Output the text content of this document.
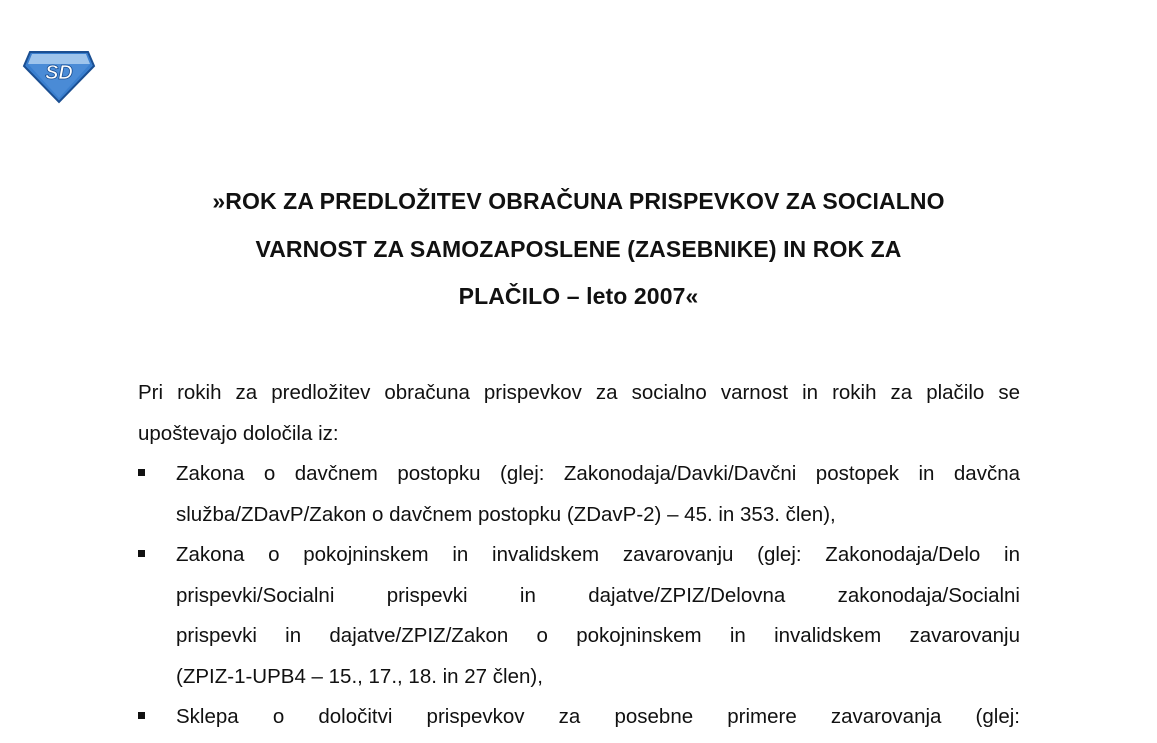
SD
»ROK ZA PREDLOŽITEV OBRAČUNA PRISPEVKOV ZA SOCIALNO
VARNOST ZA SAMOZAPOSLENE (ZASEBNIKE) IN ROK ZA
PLAČILO – leto 2007«

Pri rokih za predložitev obračuna prispevkov za socialno varnost in rokih za plačilo se
upoštevajo določila iz:

Zakona o davčnem postopku (glej: Zakonodaja/Davki/Davčni postopek in davčna
služba/ZDavP/Zakon o davčnem postopku (ZDavP-2) – 45. in 353. člen),
Zakona o pokojninskem in invalidskem zavarovanju (glej: Zakonodaja/Delo in
prispevki/Socialni prispevki in dajatve/ZPIZ/Delovna zakonodaja/Socialni
prispevki in dajatve/ZPIZ/Zakon o pokojninskem in invalidskem zavarovanju
(ZPIZ-1-UPB4 – 15., 17., 18. in 27 člen),
Sklepa o določitvi prispevkov za posebne primere zavarovanja (glej:
